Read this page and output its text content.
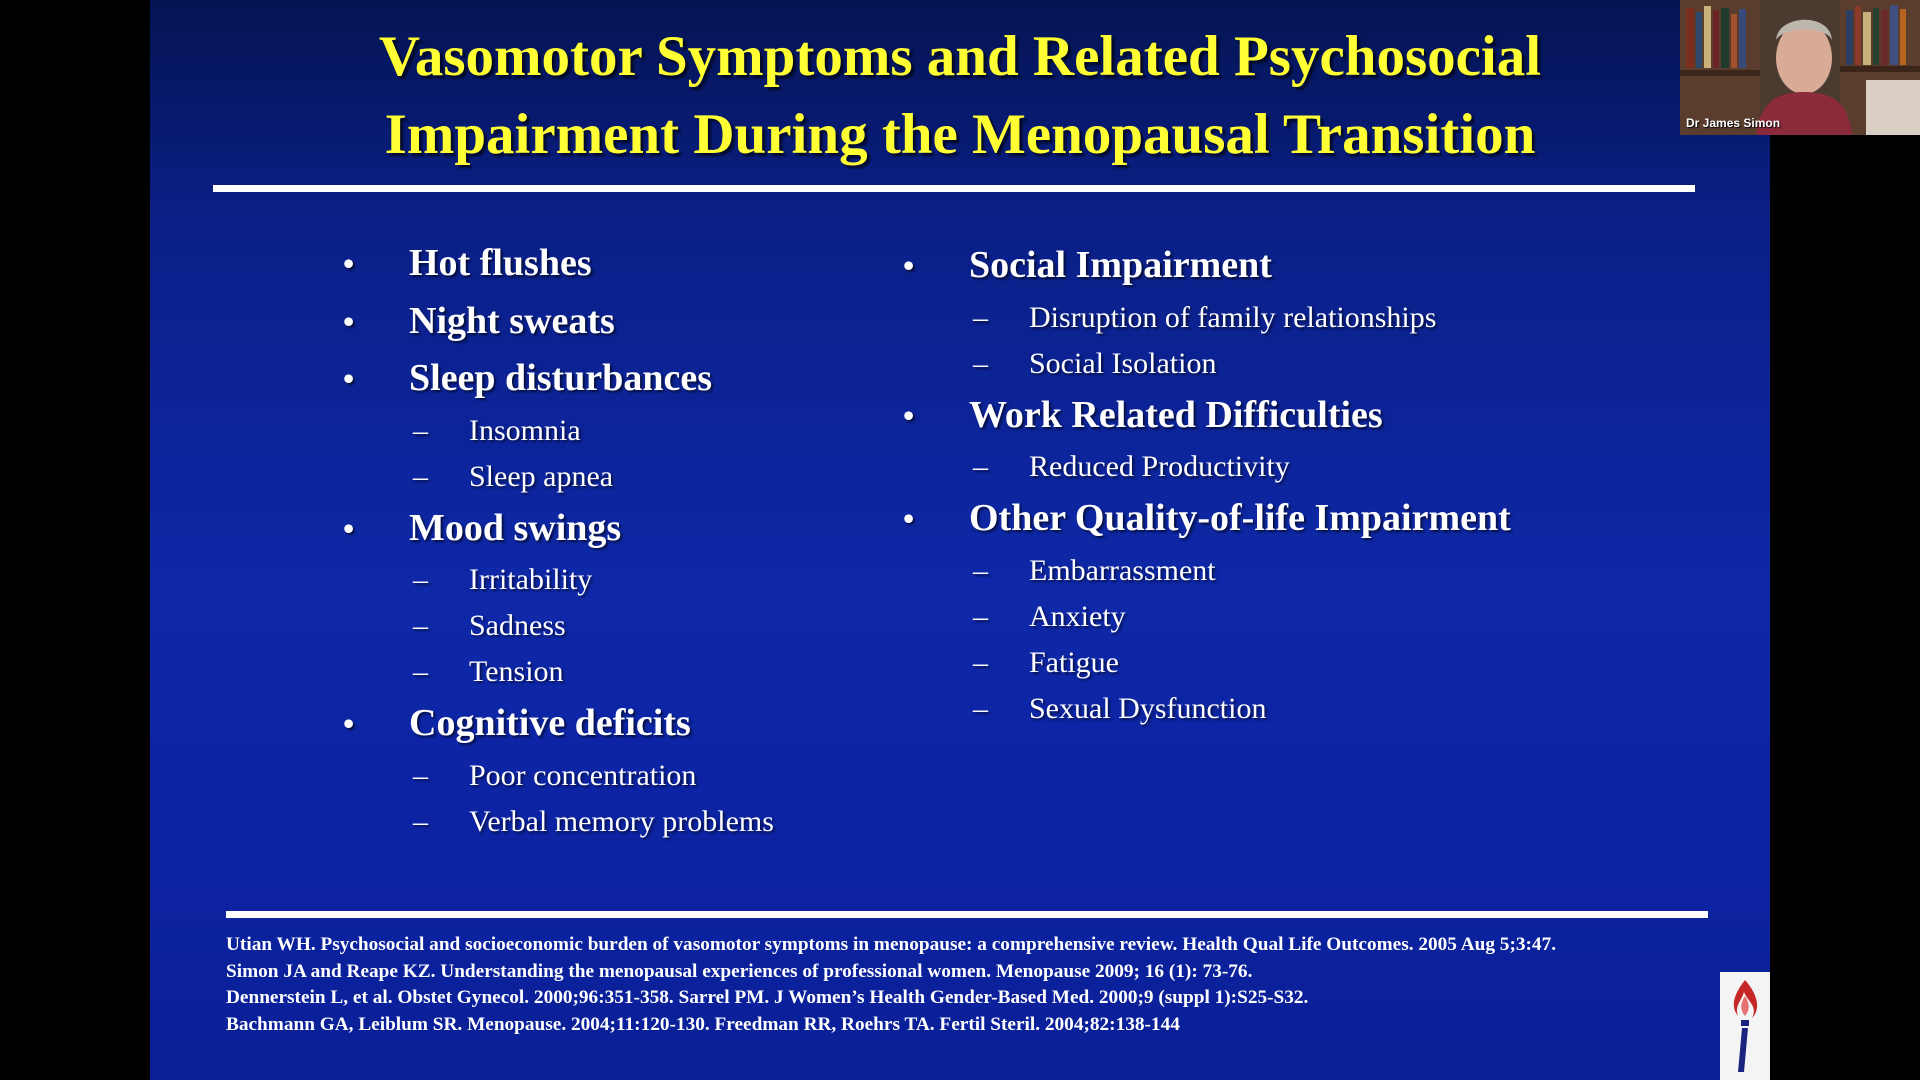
Vasomotor Symptoms and Related Psychosocial
Impairment During the Menopausal Transition
•	Hot flushes
•	Night sweats
•	Sleep disturbances
– Insomnia
– Sleep apnea
•	Mood swings
– Irritability
– Sadness
– Tension
•	Cognitive deficits
– Poor concentration
– Verbal memory problems
•	Social Impairment
– Disruption of family relationships
– Social Isolation
•	Work Related Difficulties
– Reduced Productivity
•	Other Quality-of-life Impairment
– Embarrassment
– Anxiety
– Fatigue
– Sexual Dysfunction
Utian WH. Psychosocial and socioeconomic burden of vasomotor symptoms in menopause: a comprehensive review. Health Qual Life Outcomes. 2005 Aug 5;3:47.
Simon JA and Reape KZ. Understanding the menopausal experiences of professional women. Menopause 2009; 16 (1): 73-76.
Dennerstein L, et al. Obstet Gynecol. 2000;96:351-358. Sarrel PM. J Women’s Health Gender-Based Med. 2000;9 (suppl 1):S25-S32.
Bachmann GA, Leiblum SR. Menopause. 2004;11:120-130. Freedman RR, Roehrs TA. Fertil Steril. 2004;82:138-144
Dr James Simon
